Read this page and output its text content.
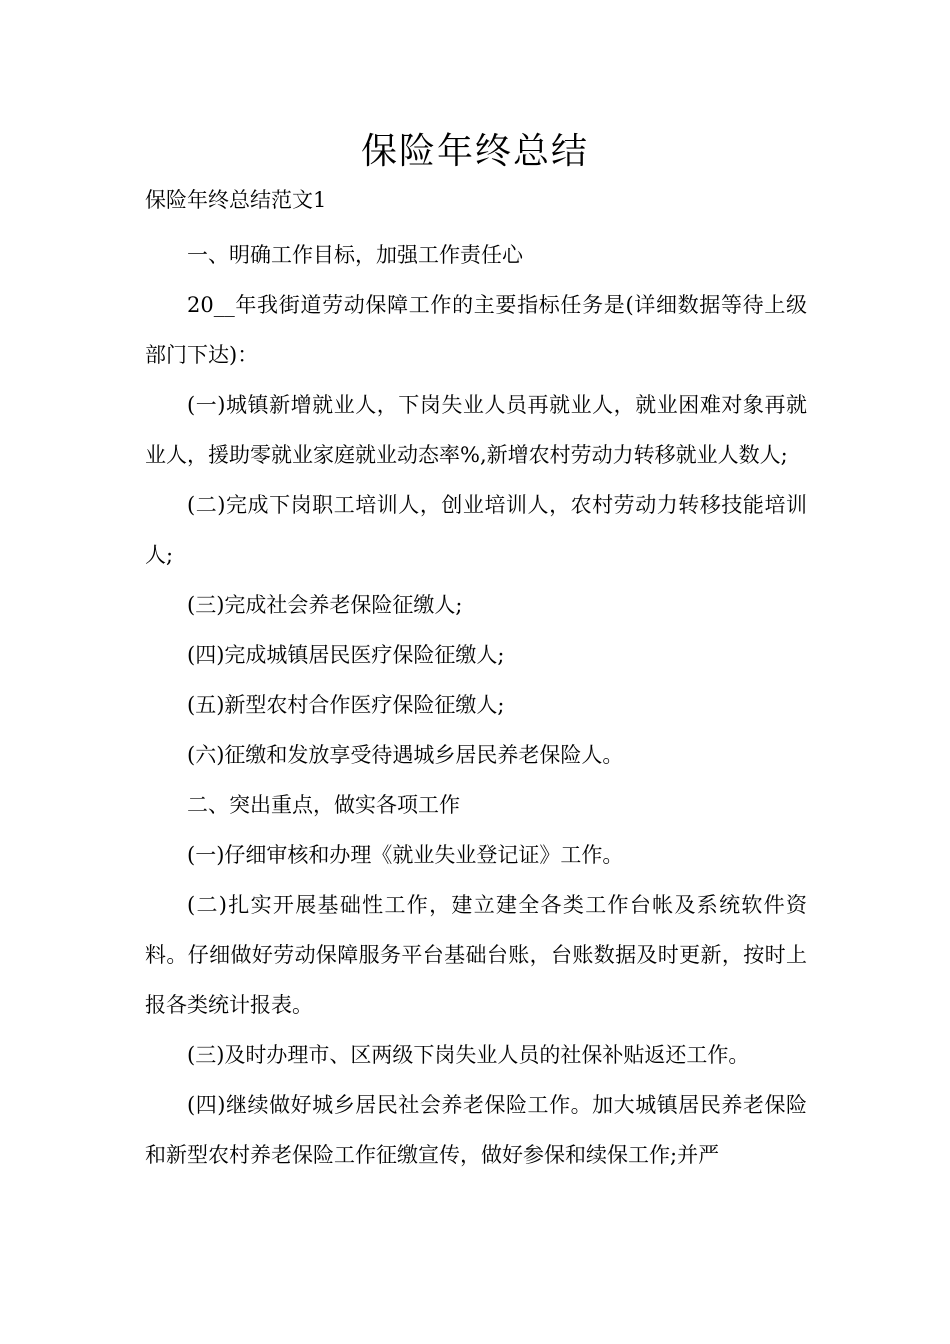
保险年终总结
保险年终总结范文1

一、明确工作目标，加强工作责任心

20__年我街道劳动保障工作的主要指标任务是(详细数据等待上级部门下达)：

(一)城镇新增就业人，下岗失业人员再就业人，就业困难对象再就业人，援助零就业家庭就业动态率%,新增农村劳动力转移就业人数人;

(二)完成下岗职工培训人，创业培训人，农村劳动力转移技能培训人;

(三)完成社会养老保险征缴人;

(四)完成城镇居民医疗保险征缴人;

(五)新型农村合作医疗保险征缴人;

(六)征缴和发放享受待遇城乡居民养老保险人。

二、突出重点，做实各项工作

(一)仔细审核和办理《就业失业登记证》工作。

(二)扎实开展基础性工作，建立建全各类工作台帐及系统软件资料。仔细做好劳动保障服务平台基础台账，台账数据及时更新，按时上报各类统计报表。

(三)及时办理市、区两级下岗失业人员的社保补贴返还工作。

(四)继续做好城乡居民社会养老保险工作。加大城镇居民养老保险和新型农村养老保险工作征缴宣传，做好参保和续保工作;并严
